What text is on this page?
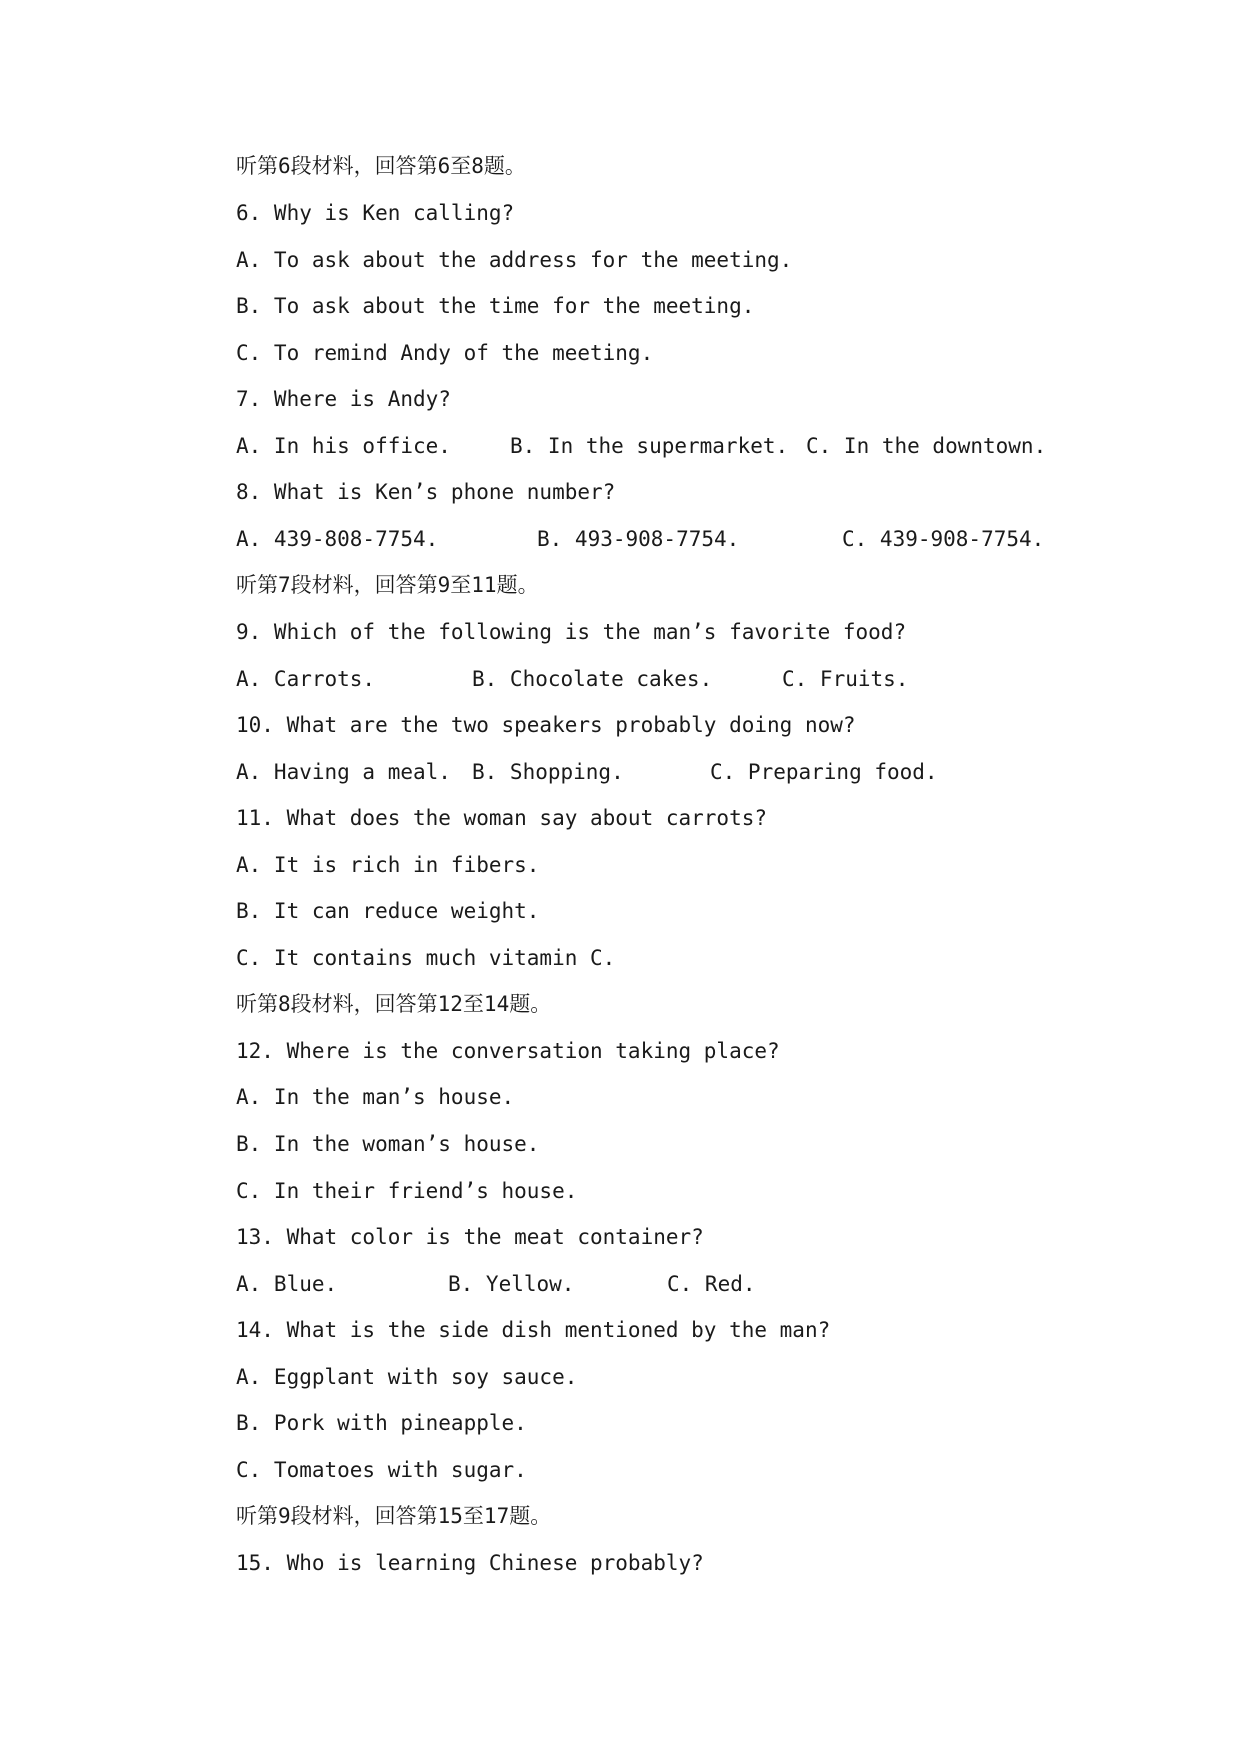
听第6段材料，回答第6至8题。
6. Why is Ken calling?
A. To ask about the address for the meeting.
B. To ask about the time for the meeting.
C. To remind Andy of the meeting.
7. Where is Andy?

A. In his office.

	B. In the supermarket.

C. In the downtown.

8. What is Ken’s phone number?

A. 439-808-7754.

	B. 493-908-7754.

	C. 439-908-7754.

听第7段材料，回答第9至11题。
9. Which of the following is the man’s favorite food?

A. Carrots.

	B. Chocolate cakes.

	C. Fruits.

10. What are the two speakers probably doing now?

A. Having a meal.

B. Shopping.

	C. Preparing food.

11. What does the woman say about carrots?
A. It is rich in fibers.
B. It can reduce weight.
C. It contains much vitamin C.
听第8段材料，回答第12至14题。
12. Where is the conversation taking place?
A. In the man’s house.
B. In the woman’s house.
C. In their friend’s house.
13. What color is the meat container?

A. Blue.

	B. Yellow.

	C. Red.

14. What is the side dish mentioned by the man?
A. Eggplant with soy sauce.
B. Pork with pineapple.
C. Tomatoes with sugar.
听第9段材料，回答第15至17题。
15. Who is learning Chinese probably?
